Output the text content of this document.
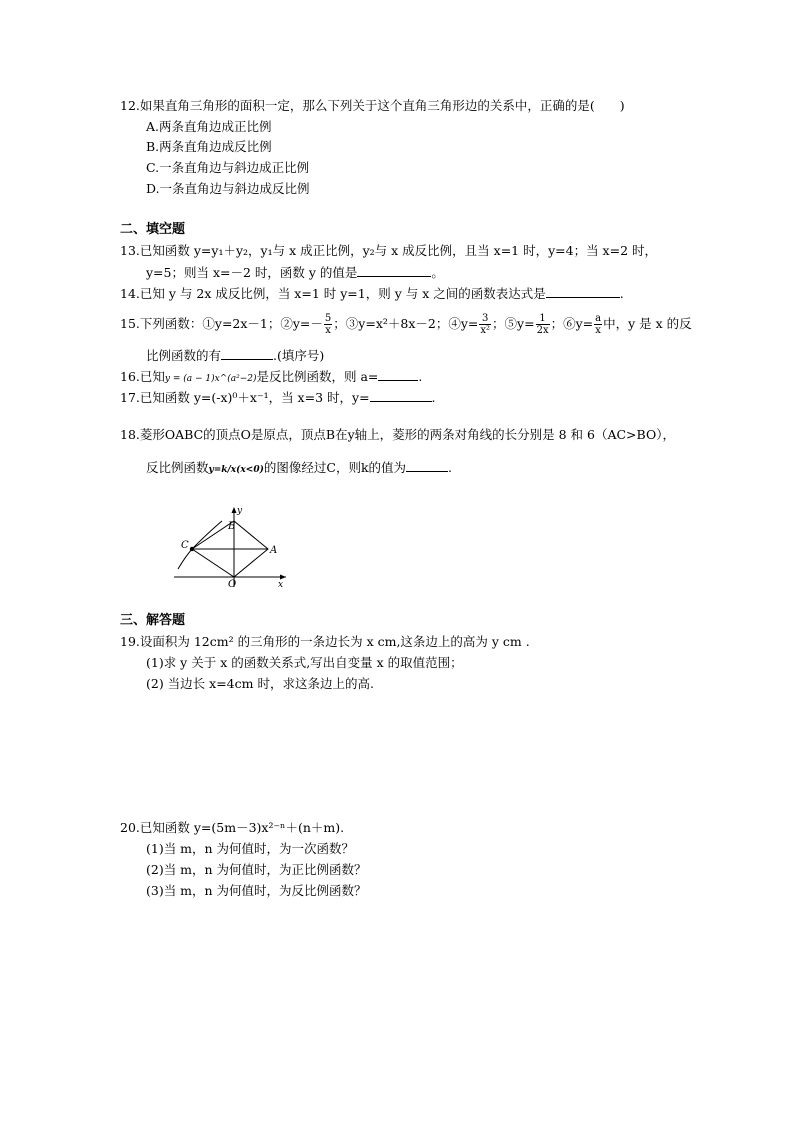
12.如果直角三角形的面积一定，那么下列关于这个直角三角形边的关系中，正确的是(　　)
A.两条直角边成正比例
B.两条直角边成反比例
C.一条直角边与斜边成正比例
D.一条直角边与斜边成反比例
二、填空题
13.已知函数 y=y₁＋y₂，y₁与 x 成正比例，y₂与 x 成反比例，且当 x=1 时，y=4；当 x=2 时，
y=5；则当 x=－2 时，函数 y 的值是	。
14.已知 y 与 2x 成反比例，当 x=1 时 y=1，则 y 与 x 之间的函数表达式是	.
15.下列函数：①y=2x－1；②y=－ $\frac{5}{x}$ ；③y=x²＋8x－2；④y= $\frac{3}{\text{x²}}$ ；⑤y= $\frac{1}{2x}$ ；⑥y= $\frac{a}{x}$ 中，y 是 x 的反
比例函数的有	.(填序号)
16.已知y = (a − 1)x^(a²−2)是反比例函数，则 a=	.
17.已知函数 y=(-x)⁰＋x⁻¹，当 x=3 时，y=	.
18.菱形OABC的顶点O是原点，顶点B在y轴上，菱形的两条对角线的长分别是 8 和 6（AC>BO），
反比例函数y=k/x(x<0)的图像经过C，则k的值为	.
y
B
C	A
O	x
三、解答题
19.设面积为 12cm² 的三角形的一条边长为 x cm,这条边上的高为 y cm .
(1)求 y 关于 x 的函数关系式,写出自变量 x 的取值范围；
(2) 当边长 x=4cm 时，求这条边上的高.
20.已知函数 y=(5m－3)x²⁻ⁿ＋(n＋m).
(1)当 m，n 为何值时，为一次函数？
(2)当 m，n 为何值时，为正比例函数？
(3)当 m，n 为何值时，为反比例函数？
